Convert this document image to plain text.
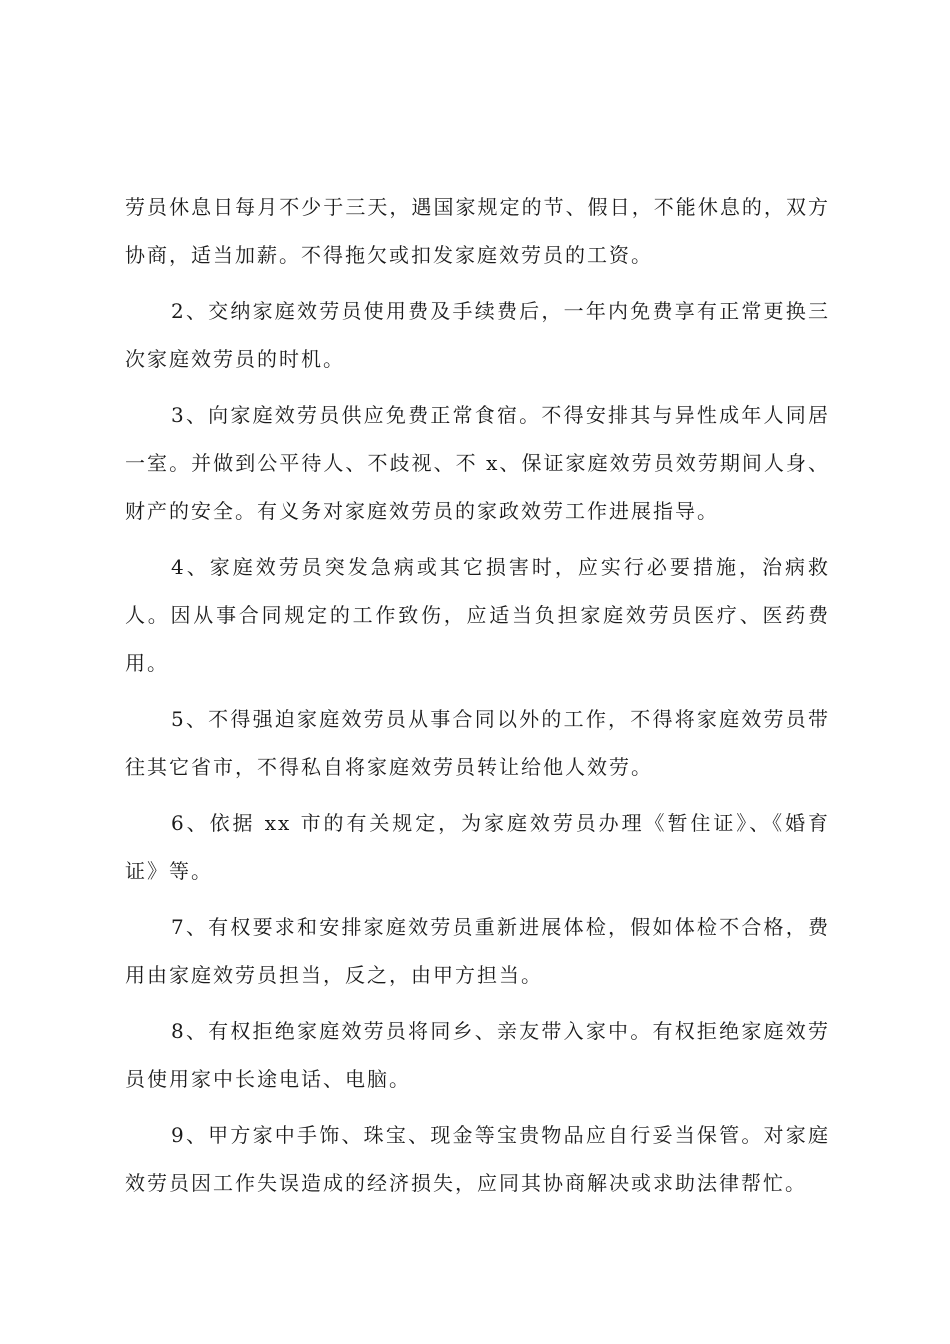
劳员休息日每月不少于三天，遇国家规定的节、假日，不能休息的，双方协商，适当加薪。不得拖欠或扣发家庭效劳员的工资。

2、交纳家庭效劳员使用费及手续费后，一年内免费享有正常更换三次家庭效劳员的时机。

3、向家庭效劳员供应免费正常食宿。不得安排其与异性成年人同居一室。并做到公平待人、不歧视、不 x、保证家庭效劳员效劳期间人身、财产的安全。有义务对家庭效劳员的家政效劳工作进展指导。

4、家庭效劳员突发急病或其它损害时，应实行必要措施，治病救人。因从事合同规定的工作致伤，应适当负担家庭效劳员医疗、医药费用。

5、不得强迫家庭效劳员从事合同以外的工作，不得将家庭效劳员带往其它省市，不得私自将家庭效劳员转让给他人效劳。

6、依据 xx 市的有关规定，为家庭效劳员办理《暂住证》、《婚育证》等。

7、有权要求和安排家庭效劳员重新进展体检，假如体检不合格，费用由家庭效劳员担当，反之，由甲方担当。

8、有权拒绝家庭效劳员将同乡、亲友带入家中。有权拒绝家庭效劳员使用家中长途电话、电脑。

9、甲方家中手饰、珠宝、现金等宝贵物品应自行妥当保管。对家庭效劳员因工作失误造成的经济损失，应同其协商解决或求助法律帮忙。
